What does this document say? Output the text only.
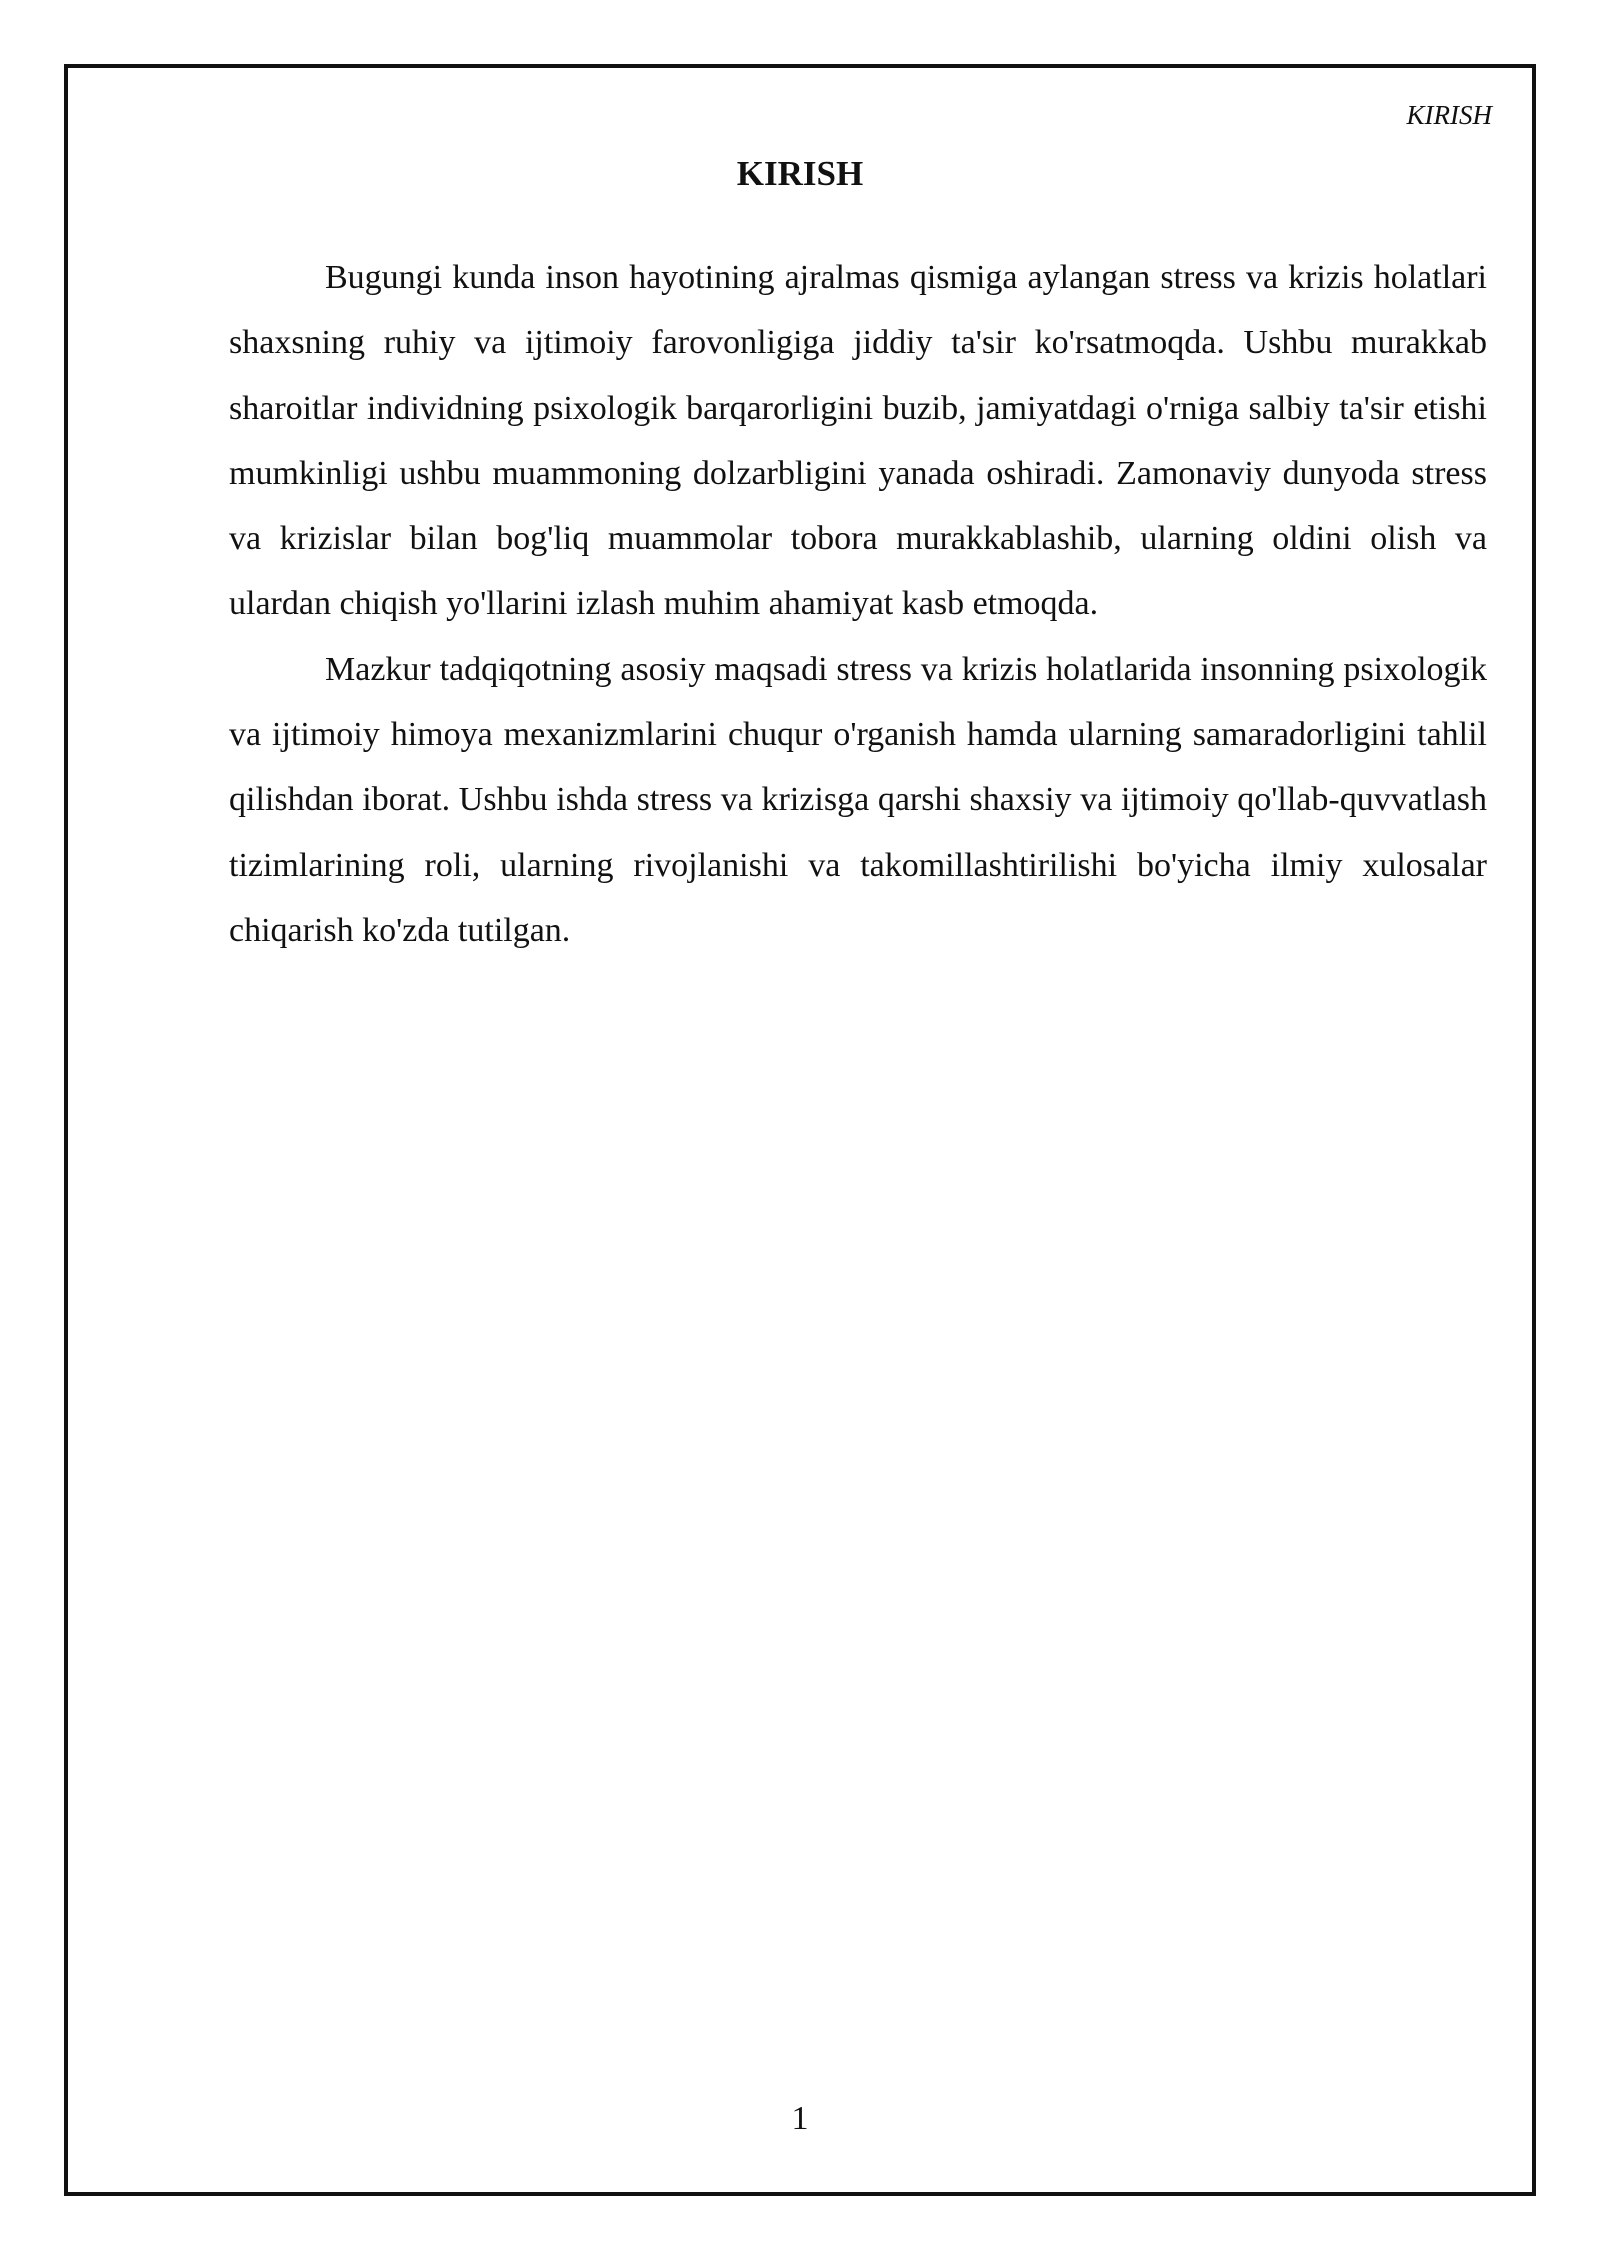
KIRISH
KIRISH

Bugungi kunda inson hayotining ajralmas qismiga aylangan stress va krizis holatlari shaxsning ruhiy va ijtimoiy farovonligiga jiddiy ta'sir ko'rsatmoqda. Ushbu murakkab sharoitlar individning psixologik barqarorligini buzib, jamiyatdagi o'rniga salbiy ta'sir etishi mumkinligi ushbu muammoning dolzarbligini yanada oshiradi. Zamonaviy dunyoda stress va krizislar bilan bog'liq muammolar tobora murakkablashib, ularning oldini olish va ulardan chiqish yo'llarini izlash muhim ahamiyat kasb etmoqda.

Mazkur tadqiqotning asosiy maqsadi stress va krizis holatlarida insonning psixologik va ijtimoiy himoya mexanizmlarini chuqur o'rganish hamda ularning samaradorligini tahlil qilishdan iborat. Ushbu ishda stress va krizisga qarshi shaxsiy va ijtimoiy qo'llab-quvvatlash tizimlarining roli, ularning rivojlanishi va takomillashtirilishi bo'yicha ilmiy xulosalar chiqarish ko'zda tutilgan.

1
